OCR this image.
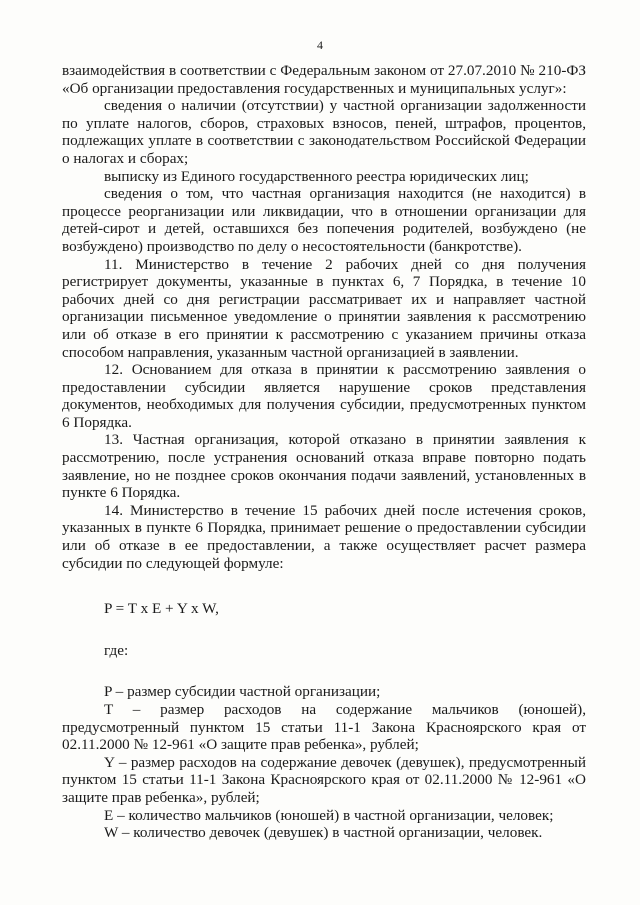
4

взаимодействия в соответствии с Федеральным законом от 27.07.2010 № 210-ФЗ «Об организации предоставления государственных и муниципальных услуг»:

сведения о наличии (отсутствии) у частной организации задолженности по уплате налогов, сборов, страховых взносов, пеней, штрафов, процентов, подлежащих уплате в соответствии с законодательством Российской Федерации о налогах и сборах;

выписку из Единого государственного реестра юридических лиц;

сведения о том, что частная организация находится (не находится) в процессе реорганизации или ликвидации, что в отношении организации для детей-сирот и детей, оставшихся без попечения родителей, возбуждено (не возбуждено) производство по делу о несостоятельности (банкротстве).

11. Министерство в течение 2 рабочих дней со дня получения регистрирует документы, указанные в пунктах 6, 7 Порядка, в течение 10 рабочих дней со дня регистрации рассматривает их и направляет частной организации письменное уведомление о принятии заявления к рассмотрению или об отказе в его принятии к рассмотрению с указанием причины отказа способом направления, указанным частной организацией в заявлении.

12. Основанием для отказа в принятии к рассмотрению заявления о предоставлении субсидии является нарушение сроков представления документов, необходимых для получения субсидии, предусмотренных пунктом 6 Порядка.

13. Частная организация, которой отказано в принятии заявления к рассмотрению, после устранения оснований отказа вправе повторно подать заявление, но не позднее сроков окончания подачи заявлений, установленных в пункте 6 Порядка.

14. Министерство в течение 15 рабочих дней после истечения сроков, указанных в пункте 6 Порядка, принимает решение о предоставлении субсидии или об отказе в ее предоставлении, а также осуществляет расчет размера субсидии по следующей формуле:

P = T x E + Y x W,

где:

P – размер субсидии частной организации;

T – размер расходов на содержание мальчиков (юношей), предусмотренный пунктом 15 статьи 11-1 Закона Красноярского края от 02.11.2000 № 12-961 «О защите прав ребенка», рублей;

Y – размер расходов на содержание девочек (девушек), предусмотренный пунктом 15 статьи 11-1 Закона Красноярского края от 02.11.2000 № 12-961 «О защите прав ребенка», рублей;

E – количество мальчиков (юношей) в частной организации, человек;

W – количество девочек (девушек) в частной организации, человек.
